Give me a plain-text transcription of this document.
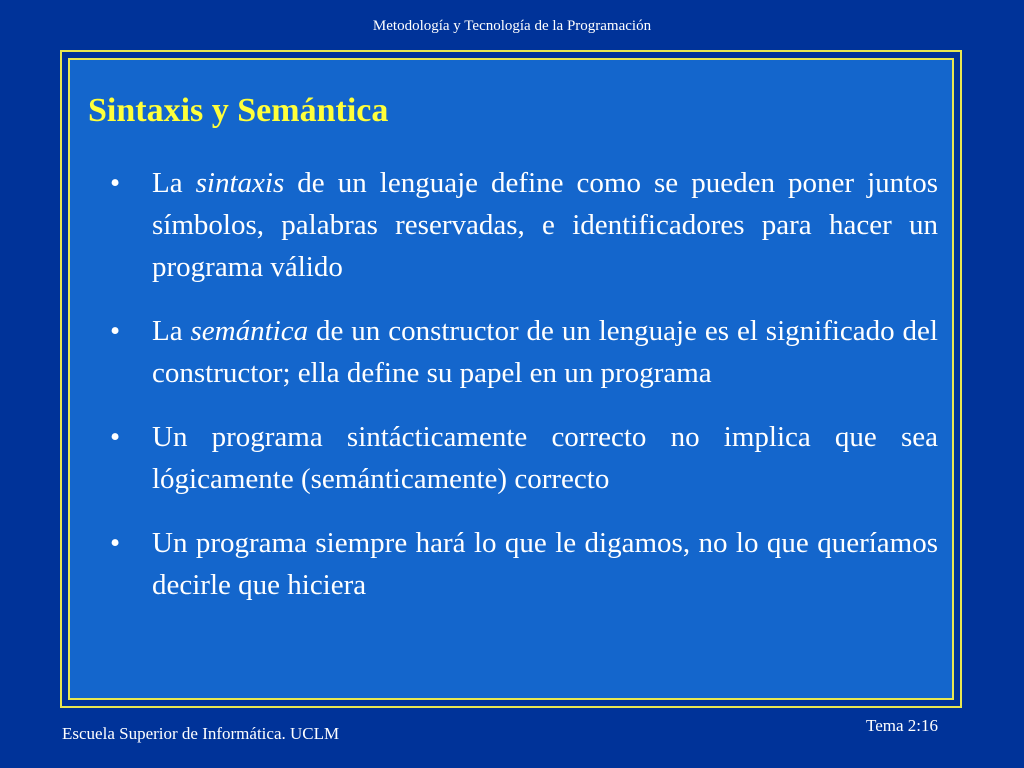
Metodología y Tecnología de la Programación
Sintaxis y Semántica
•	La sintaxis de un lenguaje define como se pueden poner juntos símbolos, palabras reservadas, e identificadores para hacer un programa válido
•	La semántica de un constructor de un lenguaje es el significado del constructor; ella define su papel en un programa
•	Un programa sintácticamente correcto no implica que sea lógicamente (semánticamente) correcto
•	Un programa siempre hará lo que le digamos, no lo que queríamos decirle que hiciera
Escuela Superior de Informática. UCLM	Tema 2:16
